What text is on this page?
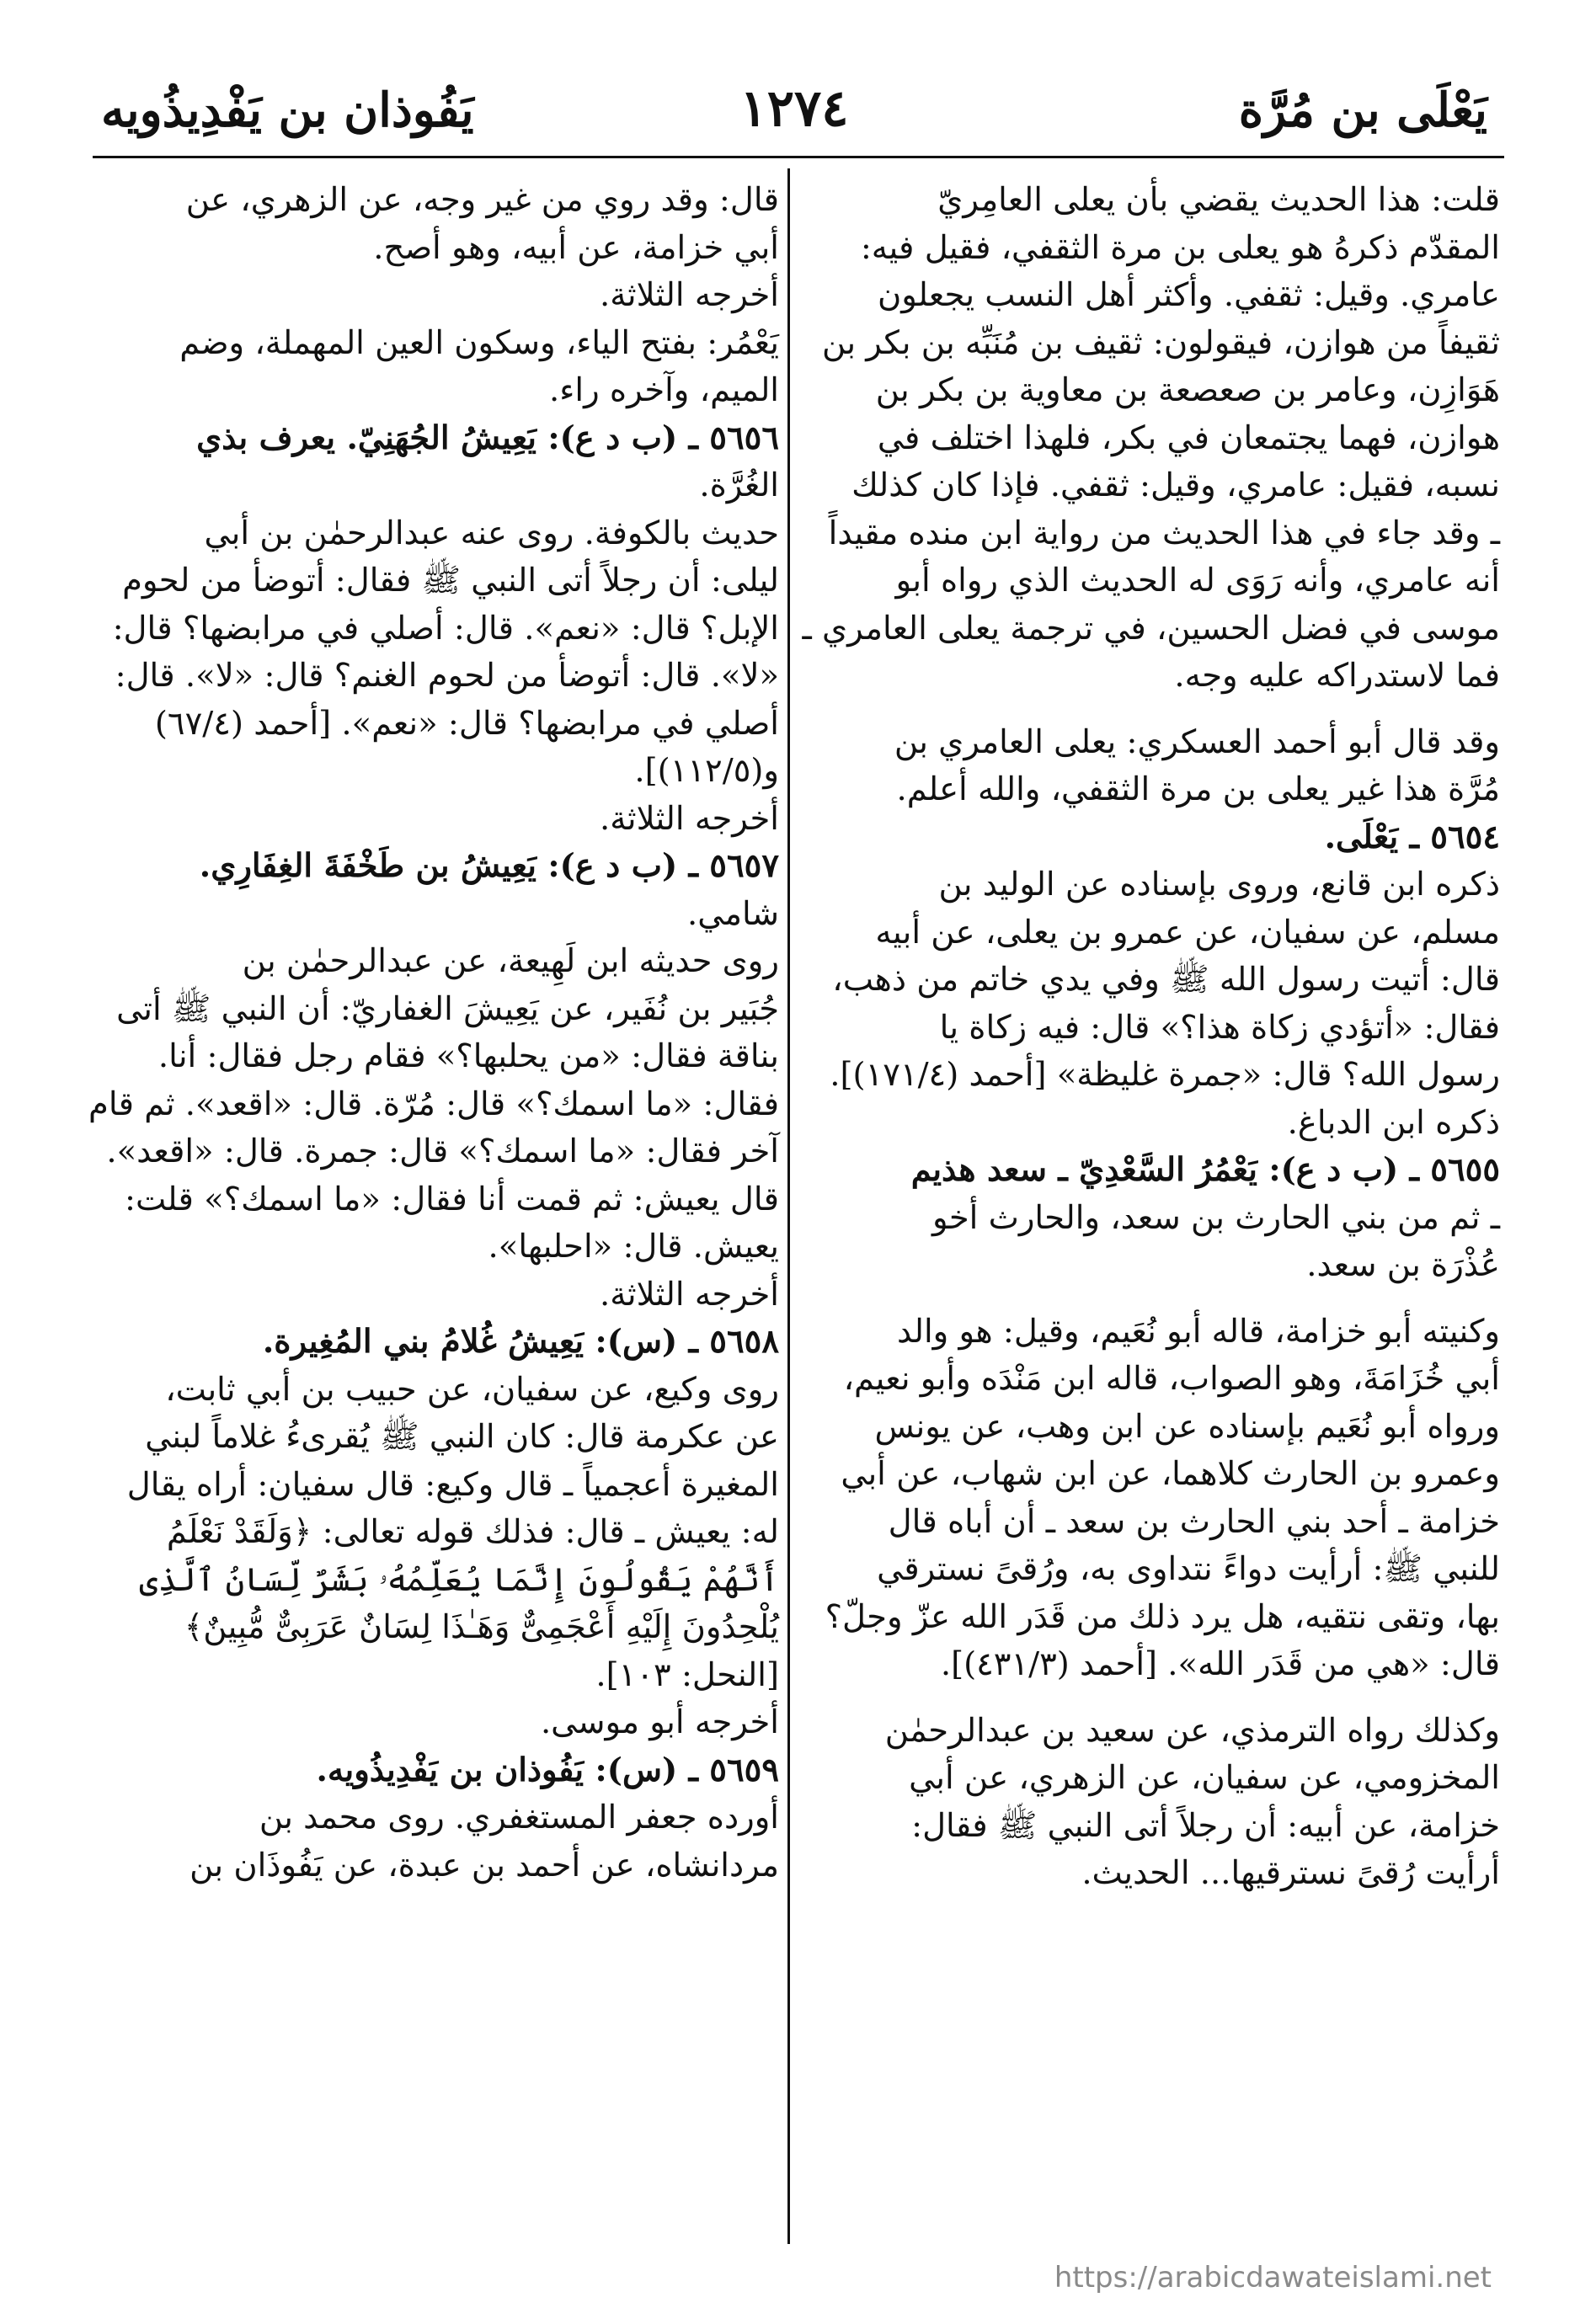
يَعْلَى بن مُرَّة
١٢٧٤
يَفُوذان بن يَفْدِيذُويه
قلت: هذا الحديث يقضي بأن يعلى العامِريّ
المقدّم ذكرهُ هو يعلى بن مرة الثقفي، فقيل فيه:
عامري. وقيل: ثقفي. وأكثر أهل النسب يجعلون
ثقيفاً من هوازن، فيقولون: ثقيف بن مُنَبِّه بن بكر بن
هَوَازِن، وعامر بن صعصعة بن معاوية بن بكر بن
هوازن، فهما يجتمعان في بكر، فلهذا اختلف في
نسبه، فقيل: عامري، وقيل: ثقفي. فإذا كان كذلك
ـ وقد جاء في هذا الحديث من رواية ابن منده مقيداً
أنه عامري، وأنه رَوَى له الحديث الذي رواه أبو
موسى في فضل الحسين، في ترجمة يعلى العامري ـ
فما لاستدراكه عليه وجه.
وقد قال أبو أحمد العسكري: يعلى العامري بن
مُرَّة هذا غير يعلى بن مرة الثقفي، والله أعلم.
٥٦٥٤ ـ يَعْلَى.
ذكره ابن قانع، وروى بإسناده عن الوليد بن
مسلم، عن سفيان، عن عمرو بن يعلى، عن أبيه
قال: أتيت رسول الله ﷺ وفي يدي خاتم من ذهب،
فقال: «أتؤدي زكاة هذا؟» قال: فيه زكاة يا
رسول الله؟ قال: «جمرة غليظة» [أحمد (١٧١/٤)].
ذكره ابن الدباغ.
٥٦٥٥ ـ (ب د ع): يَعْمُرُ السَّعْدِيّ ـ سعد هذيم
ـ ثم من بني الحارث بن سعد، والحارث أخو
عُذْرَة بن سعد.
وكنيته أبو خزامة، قاله أبو نُعَيم، وقيل: هو والد
أبي خُزَامَةَ، وهو الصواب، قاله ابن مَنْدَه وأبو نعيم،
ورواه أبو نُعَيم بإسناده عن ابن وهب، عن يونس
وعمرو بن الحارث كلاهما، عن ابن شهاب، عن أبي
خزامة ـ أحد بني الحارث بن سعد ـ أن أباه قال
للنبي ﷺ: أرأيت دواءً نتداوى به، ورُقىً نسترقي
بها، وتقى نتقيه، هل يرد ذلك من قَدَر الله عزّ وجلّ؟
قال: «هي من قَدَر الله». [أحمد (٤٣١/٣)].
وكذلك رواه الترمذي، عن سعيد بن عبدالرحمٰن
المخزومي، عن سفيان، عن الزهري، عن أبي
خزامة، عن أبيه: أن رجلاً أتى النبي ﷺ فقال:
أرأيت رُقىً نسترقيها... الحديث.
قال: وقد روي من غير وجه، عن الزهري، عن
أبي خزامة، عن أبيه، وهو أصح.
أخرجه الثلاثة.
يَعْمُر: بفتح الياء، وسكون العين المهملة، وضم
الميم، وآخره راء.
٥٦٥٦ ـ (ب د ع): يَعِيشُ الجُهَنِيّ. يعرف بذي
الغُرَّة.
حديث بالكوفة. روى عنه عبدالرحمٰن بن أبي
ليلى: أن رجلاً أتى النبي ﷺ فقال: أتوضأ من لحوم
الإبل؟ قال: «نعم». قال: أصلي في مرابضها؟ قال:
«لا». قال: أتوضأ من لحوم الغنم؟ قال: «لا». قال:
أصلي في مرابضها؟ قال: «نعم». [أحمد (٦٧/٤)
و(١١٢/٥)].
أخرجه الثلاثة.
٥٦٥٧ ـ (ب د ع): يَعِيشُ بن طَخْفَةَ الغِفَارِي.
شامي.
روى حديثه ابن لَهِيعة، عن عبدالرحمٰن بن
جُبَير بن نُفَير، عن يَعِيشَ الغفاريّ: أن النبي ﷺ أتى
بناقة فقال: «من يحلبها؟» فقام رجل فقال: أنا.
فقال: «ما اسمك؟» قال: مُرّة. قال: «اقعد». ثم قام
آخر فقال: «ما اسمك؟» قال: جمرة. قال: «اقعد».
قال يعيش: ثم قمت أنا فقال: «ما اسمك؟» قلت:
يعيش. قال: «احلبها».
أخرجه الثلاثة.
٥٦٥٨ ـ (س): يَعِيشُ غُلامُ بني المُغِيرة.
روى وكيع، عن سفيان، عن حبيب بن أبي ثابت،
عن عكرمة قال: كان النبي ﷺ يُقرىءُ غلاماً لبني
المغيرة أعجمياً ـ قال وكيع: قال سفيان: أراه يقال
له: يعيش ـ قال: فذلك قوله تعالى: ﴿وَلَقَدْ نَعْلَمُ
أَنَّهُمْ يَقُولُونَ إِنَّمَا يُعَلِّمُهُۥ بَشَرٌ لِّسَانُ ٱلَّذِى
يُلْحِدُونَ إِلَيْهِ أَعْجَمِىٌّ وَهَـٰذَا لِسَانٌ عَرَبِىٌّ مُّبِينٌ﴾
[النحل: ١٠٣].
أخرجه أبو موسى.
٥٦٥٩ ـ (س): يَفُوذان بن يَفْدِيذُويه.
أورده جعفر المستغفري. روى محمد بن
مردانشاه، عن أحمد بن عبدة، عن يَفُوذَان بن
https://arabicdawateislami.net
